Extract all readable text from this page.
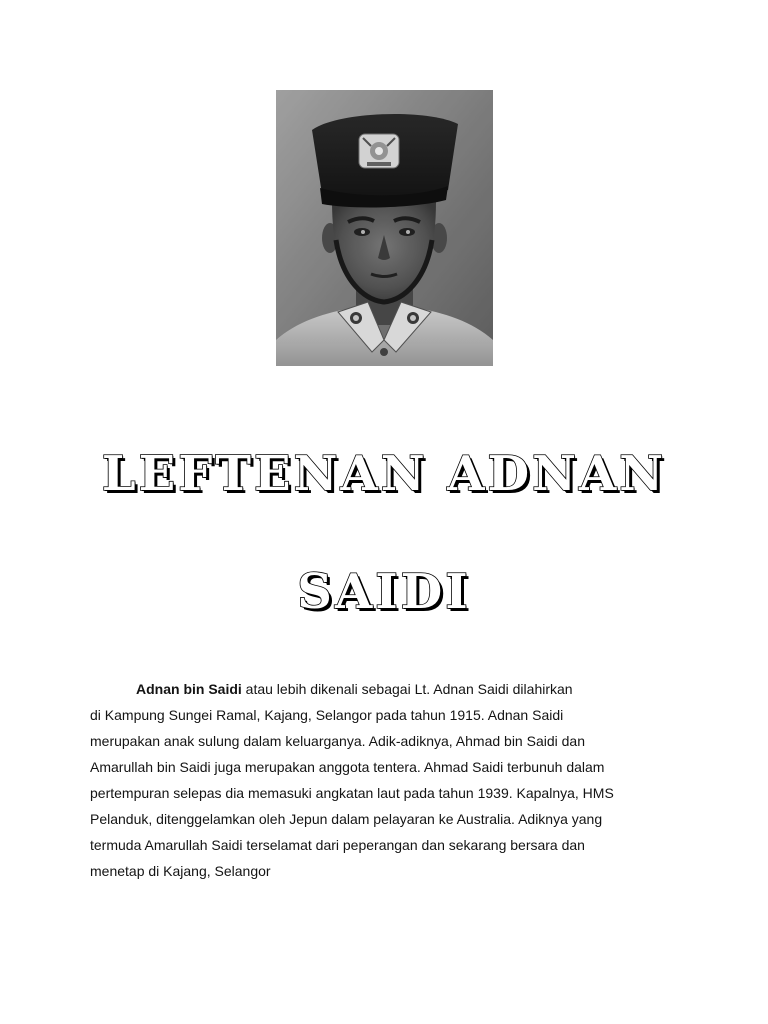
LEFTENAN ADNAN
SAIDI
Adnan bin Saidi atau lebih dikenali sebagai Lt. Adnan Saidi dilahirkan
di Kampung Sungei Ramal, Kajang, Selangor pada tahun 1915. Adnan Saidi
merupakan anak sulung dalam keluarganya. Adik-adiknya, Ahmad bin Saidi dan
Amarullah bin Saidi juga merupakan anggota tentera. Ahmad Saidi terbunuh dalam
pertempuran selepas dia memasuki angkatan laut pada tahun 1939. Kapalnya, HMS
Pelanduk, ditenggelamkan oleh Jepun dalam pelayaran ke Australia. Adiknya yang
termuda Amarullah Saidi terselamat dari peperangan dan sekarang bersara dan
menetap di Kajang, Selangor
